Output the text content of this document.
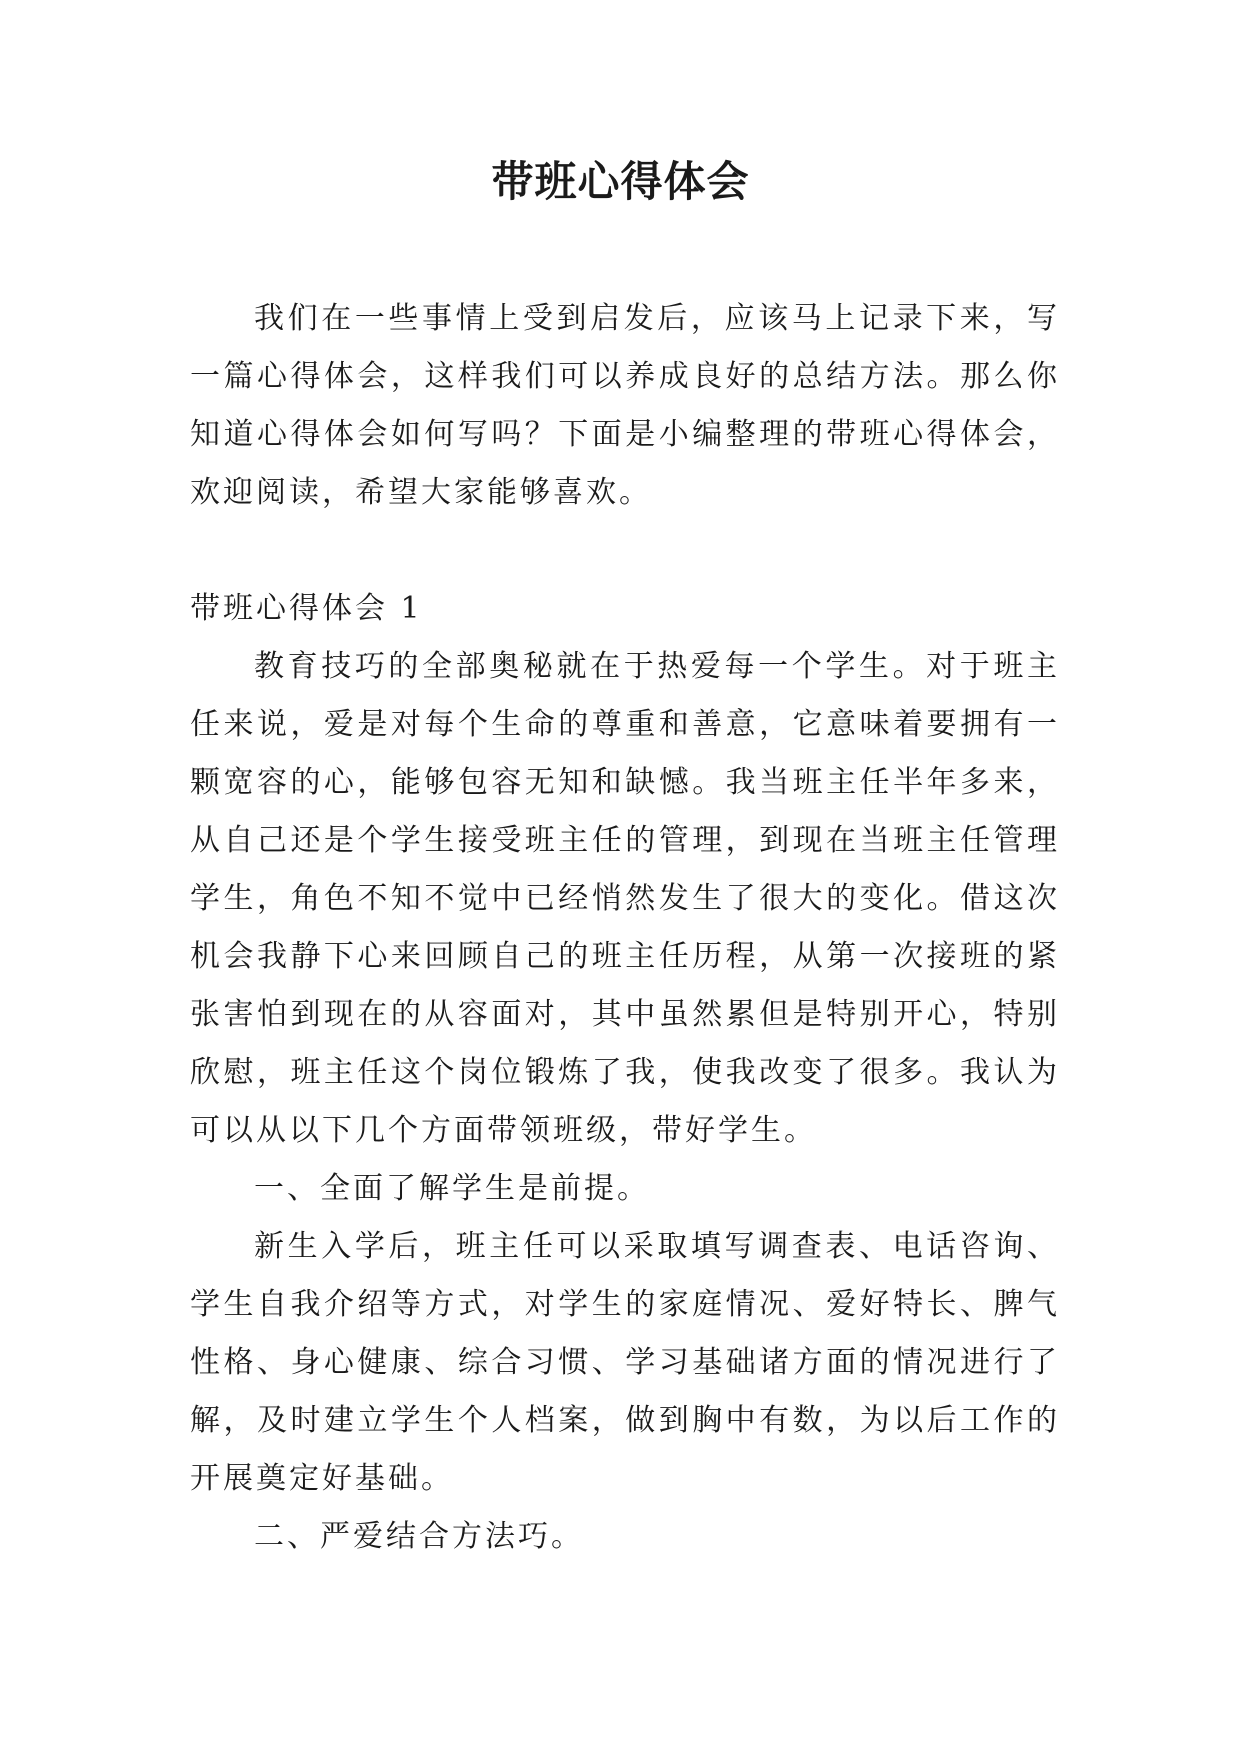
带班心得体会

我们在一些事情上受到启发后，应该马上记录下来，写一篇心得体会，这样我们可以养成良好的总结方法。那么你知道心得体会如何写吗？下面是小编整理的带班心得体会，欢迎阅读，希望大家能够喜欢。

带班心得体会 1

教育技巧的全部奥秘就在于热爱每一个学生。对于班主任来说，爱是对每个生命的尊重和善意，它意味着要拥有一颗宽容的心，能够包容无知和缺憾。我当班主任半年多来，从自己还是个学生接受班主任的管理，到现在当班主任管理学生，角色不知不觉中已经悄然发生了很大的变化。借这次机会我静下心来回顾自己的班主任历程，从第一次接班的紧张害怕到现在的从容面对，其中虽然累但是特别开心，特别欣慰，班主任这个岗位锻炼了我，使我改变了很多。我认为可以从以下几个方面带领班级，带好学生。

一、全面了解学生是前提。

新生入学后，班主任可以采取填写调查表、电话咨询、学生自我介绍等方式，对学生的家庭情况、爱好特长、脾气性格、身心健康、综合习惯、学习基础诸方面的情况进行了解，及时建立学生个人档案，做到胸中有数，为以后工作的开展奠定好基础。

二、严爱结合方法巧。
